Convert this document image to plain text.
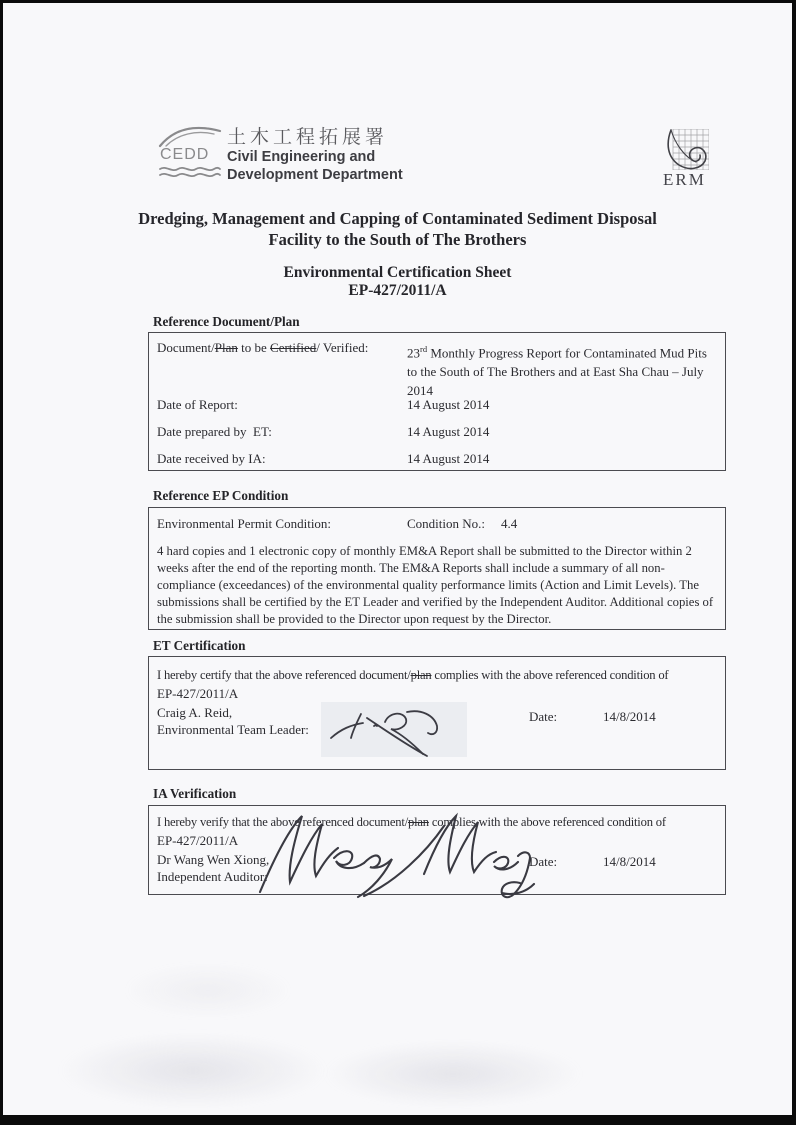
CEDD
土木工程拓展署
Civil Engineering and
Development Department	ERM
Dredging, Management and Capping of Contaminated Sediment Disposal
Facility to the South of The Brothers
Environmental Certification Sheet
EP-427/2011/A
Reference Document/Plan
Document/Plan to be Certified/ Verified:	23rd Monthly Progress Report for Contaminated Mud Pits to the South of The Brothers and at East Sha Chau – July 2014
Date of Report:	14 August 2014
Date prepared by  ET:	14 August 2014
Date received by IA:	14 August 2014
Reference EP Condition
Environmental Permit Condition:	Condition No.: 4.4
4 hard copies and 1 electronic copy of monthly EM&A Report shall be submitted to the Director within 2 weeks after the end of the reporting month. The EM&A Reports shall include a summary of all non-compliance (exceedances) of the environmental quality performance limits (Action and Limit Levels). The submissions shall be certified by the ET Leader and verified by the Independent Auditor. Additional copies of the submission shall be provided to the Director upon request by the Director.
ET Certification
I hereby certify that the above referenced document/plan complies with the above referenced condition of
EP-427/2011/A
Craig A. Reid,
Environmental Team Leader:
Date:	14/8/2014
IA Verification
I hereby verify that the above referenced document/plan complies with the above referenced condition of
EP-427/2011/A
Dr Wang Wen Xiong,
Independent Auditor:
Date:	14/8/2014
